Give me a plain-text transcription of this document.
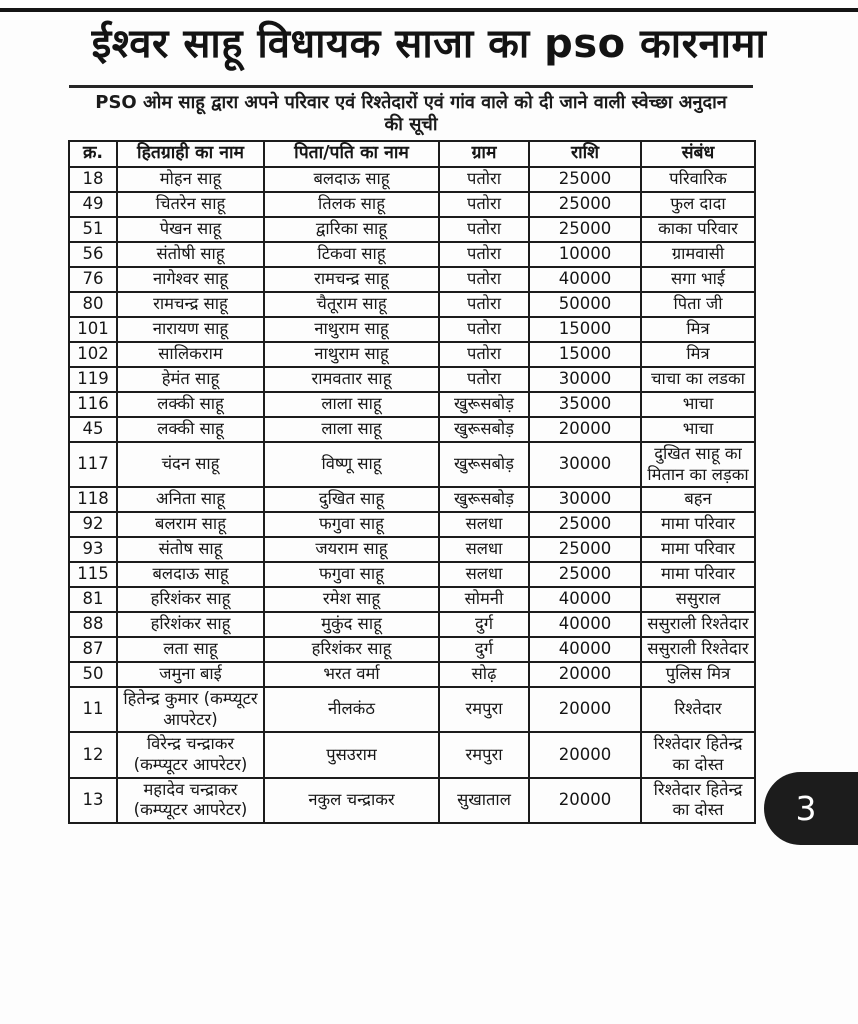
ईश्वर साहू विधायक साजा का pso कारनामा
PSO ओम साहू द्वारा अपने परिवार एवं रिश्तेदारों एवं गांव वाले को दी जाने वाली स्वेच्छा अनुदान
की सूची
क्र.	हितग्राही का नाम	पिता/पति का नाम	ग्राम	राशि	संबंध
18	मोहन साहू	बलदाऊ साहू	पतोरा	25000	परिवारिक
49	चितरेन साहू	तिलक साहू	पतोरा	25000	फुल दादा
51	पेखन साहू	द्वारिका साहू	पतोरा	25000	काका परिवार
56	संतोषी साहू	टिकवा साहू	पतोरा	10000	ग्रामवासी
76	नागेश्वर साहू	रामचन्द्र साहू	पतोरा	40000	सगा भाई
80	रामचन्द्र साहू	चैतूराम साहू	पतोरा	50000	पिता जी
101	नारायण साहू	नाथुराम साहू	पतोरा	15000	मित्र
102	सालिकराम	नाथुराम साहू	पतोरा	15000	मित्र
119	हेमंत साहू	रामवतार साहू	पतोरा	30000	चाचा का लडका
116	लक्की साहू	लाला साहू	खुरूसबोड़	35000	भाचा
45	लक्की साहू	लाला साहू	खुरूसबोड़	20000	भाचा
117	चंदन साहू	विष्णू साहू	खुरूसबोड़	30000	दुखित साहू का मितान का लड़का
118	अनिता साहू	दुखित साहू	खुरूसबोड़	30000	बहन
92	बलराम साहू	फगुवा साहू	सलधा	25000	मामा परिवार
93	संतोष साहू	जयराम साहू	सलधा	25000	मामा परिवार
115	बलदाऊ साहू	फगुवा साहू	सलधा	25000	मामा परिवार
81	हरिशंकर साहू	रमेश साहू	सोमनी	40000	ससुराल
88	हरिशंकर साहू	मुकुंद साहू	दुर्ग	40000	ससुराली रिश्तेदार
87	लता साहू	हरिशंकर साहू	दुर्ग	40000	ससुराली रिश्तेदार
50	जमुना बाई	भरत वर्मा	सोढ़	20000	पुलिस मित्र
11	हितेन्द्र कुमार (कम्प्यूटर आपरेटर)	नीलकंठ	रमपुरा	20000	रिश्तेदार
12	विरेन्द्र चन्द्राकर (कम्प्यूटर आपरेटर)	पुसउराम	रमपुरा	20000	रिश्तेदार हितेन्द्र का दोस्त
13	महादेव चन्द्राकर (कम्प्यूटर आपरेटर)	नकुल चन्द्राकर	सुखाताल	20000	रिश्तेदार हितेन्द्र का दोस्त 3
